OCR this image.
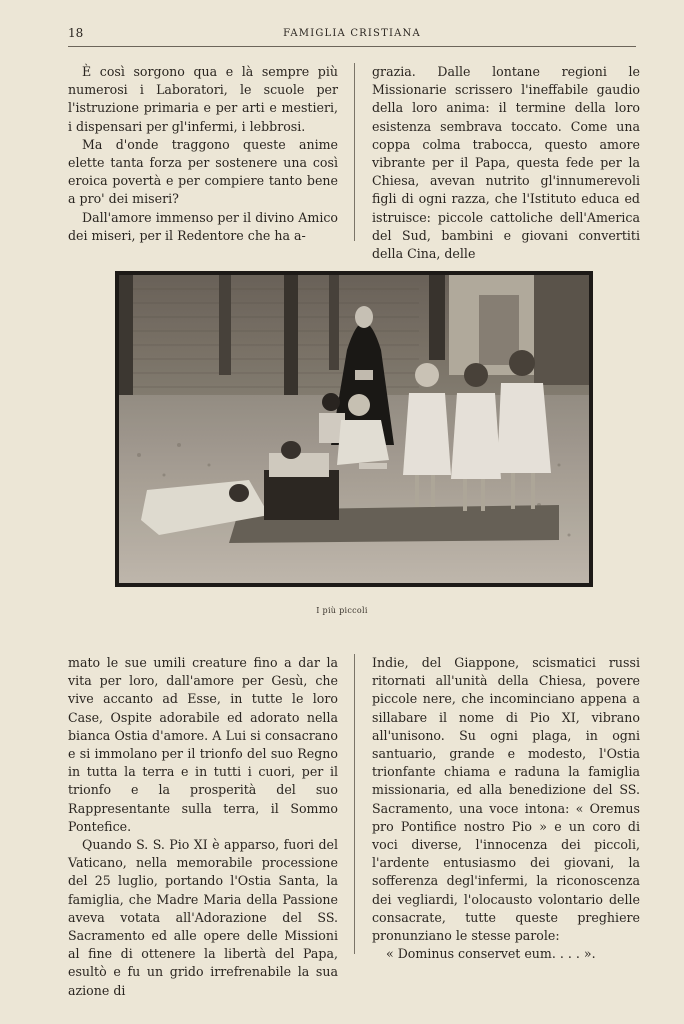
18	FAMIGLIA CRISTIANA

È così sorgono qua e là sempre più numerosi i Laboratori, le scuole per l'istruzione primaria e per arti e mestieri, i dispensari per gl'infermi, i lebbrosi.

Ma d'onde traggono queste anime elette tanta forza per sostenere una così eroica povertà e per compiere tanto bene a pro' dei miseri?

Dall'amore immenso per il divino Amico dei miseri, per il Redentore che ha a-

grazia. Dalle lontane regioni le Missionarie scrissero l'ineffabile gaudio della loro anima: il termine della loro esistenza sembrava toccato. Come una coppa colma trabocca, questo amore vibrante per il Papa, questa fede per la Chiesa, avevan nutrito gl'innumerevoli figli di ogni razza, che l'Istituto educa ed istruisce: piccole cattoliche dell'America del Sud, bambini e giovani convertiti della Cina, delle

I più piccoli

mato le sue umili creature fino a dar la vita per loro, dall'amore per Gesù, che vive accanto ad Esse, in tutte le loro Case, Ospite adorabile ed adorato nella bianca Ostia d'amore. A Lui si consacrano e si immolano per il trionfo del suo Regno in tutta la terra e in tutti i cuori, per il trionfo e la prosperità del suo Rappresentante sulla terra, il Sommo Pontefice.

Quando S. S. Pio XI è apparso, fuori del Vaticano, nella memorabile processione del 25 luglio, portando l'Ostia Santa, la famiglia, che Madre Maria della Passione aveva votata all'Adorazione del SS. Sacramento ed alle opere delle Missioni al fine di ottenere la libertà del Papa, esultò e fu un grido irrefrenabile la sua azione di

Indie, del Giappone, scismatici russi ritornati all'unità della Chiesa, povere piccole nere, che incominciano appena a sillabare il nome di Pio XI, vibrano all'unisono. Su ogni plaga, in ogni santuario, grande e modesto, l'Ostia trionfante chiama e raduna la famiglia missionaria, ed alla benedizione del SS. Sacramento, una voce intona: « Oremus pro Pontifice nostro Pio » e un coro di voci diverse, l'innocenza dei piccoli, l'ardente entusiasmo dei giovani, la sofferenza degl'infermi, la riconoscenza dei vegliardi, l'olocausto volontario delle consacrate, tutte queste preghiere pronunziano le stesse parole:

« Dominus conservet eum. . . . ».
